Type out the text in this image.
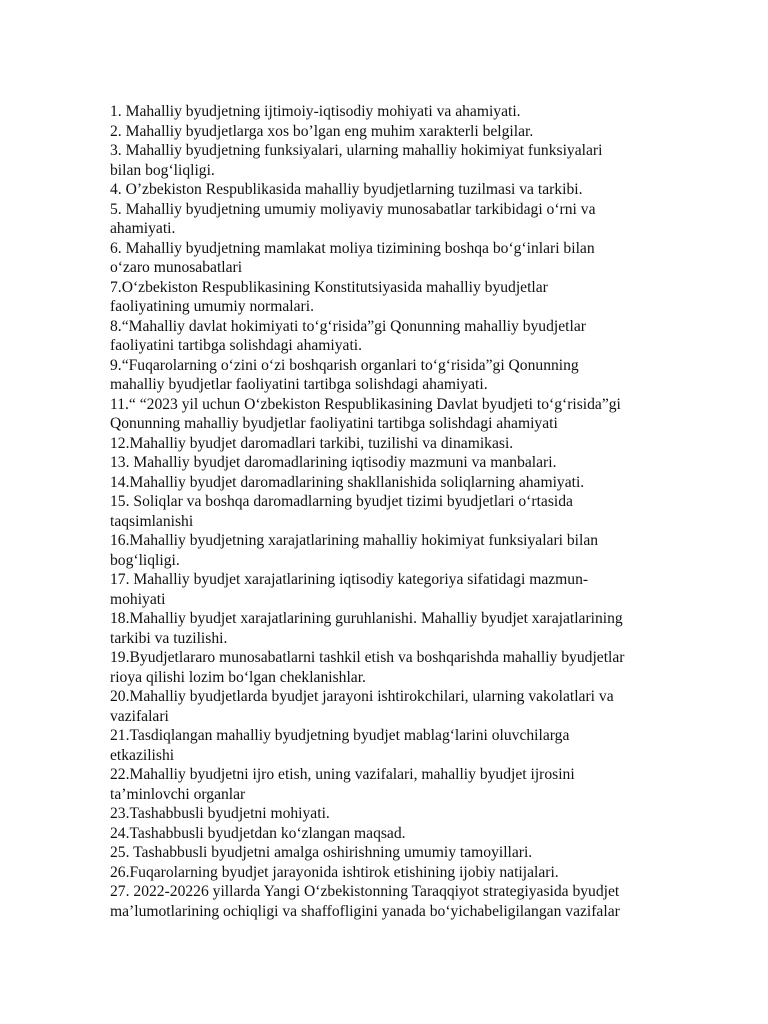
1. Mahalliy byudjetning ijtimoiy-iqtisodiy mohiyati va ahamiyati.

2. Mahalliy byudjetlarga xos bo’lgan eng muhim xarakterli belgilar.

3. Mahalliy byudjetning funksiyalari, ularning mahalliy hokimiyat funksiyalari

bilan bog‘liqligi.

4. O’zbekiston Respublikasida mahalliy byudjetlarning tuzilmasi va tarkibi.

5. Mahalliy byudjetning umumiy moliyaviy munosabatlar tarkibidagi o‘rni va

ahamiyati.

6. Mahalliy byudjetning mamlakat moliya tizimining boshqa bo‘g‘inlari bilan

o‘zaro munosabatlari

7.O‘zbekiston Respublikasining Konstitutsiyasida mahalliy byudjetlar

faoliyatining umumiy normalari.

8.“Mahalliy davlat hokimiyati to‘g‘risida”gi Qonunning mahalliy byudjetlar

faoliyatini tartibga solishdagi ahamiyati.

9.“Fuqarolarning o‘zini o‘zi boshqarish organlari to‘g‘risida”gi Qonunning

mahalliy byudjetlar faoliyatini tartibga solishdagi ahamiyati.

11.“ “2023 yil uchun O‘zbekiston Respublikasining Davlat byudjeti to‘g‘risida”gi

Qonunning mahalliy byudjetlar faoliyatini tartibga solishdagi ahamiyati

12.Mahalliy byudjet daromadlari tarkibi, tuzilishi va dinamikasi.

13. Mahalliy byudjet daromadlarining iqtisodiy mazmuni va manbalari.

14.Mahalliy byudjet daromadlarining shakllanishida soliqlarning ahamiyati.

15. Soliqlar va boshqa daromadlarning byudjet tizimi byudjetlari o‘rtasida

taqsimlanishi

16.Mahalliy byudjetning xarajatlarining mahalliy hokimiyat funksiyalari bilan

bog‘liqligi.

17. Mahalliy byudjet xarajatlarining iqtisodiy kategoriya sifatidagi mazmun-

mohiyati

18.Mahalliy byudjet xarajatlarining guruhlanishi. Mahalliy byudjet xarajatlarining

tarkibi va tuzilishi.

19.Byudjetlararo munosabatlarni tashkil etish va boshqarishda mahalliy byudjetlar

rioya qilishi lozim bo‘lgan cheklanishlar.

20.Mahalliy byudjetlarda byudjet jarayoni ishtirokchilari, ularning vakolatlari va

vazifalari

21.Tasdiqlangan mahalliy byudjetning byudjet mablag‘larini oluvchilarga

etkazilishi

22.Mahalliy byudjetni ijro etish, uning vazifalari, mahalliy byudjet ijrosini

ta’minlovchi organlar

23.Tashabbusli byudjetni mohiyati.

24.Tashabbusli byudjetdan ko‘zlangan maqsad.

25. Tashabbusli byudjetni amalga oshirishning umumiy tamoyillari.

26.Fuqarolarning byudjet jarayonida ishtirok etishining ijobiy natijalari.

27. 2022-20226 yillarda Yangi O‘zbekistonning Taraqqiyot strategiyasida byudjet

ma’lumotlarining ochiqligi va shaffofligini yanada bo‘yichabeligilangan vazifalar
